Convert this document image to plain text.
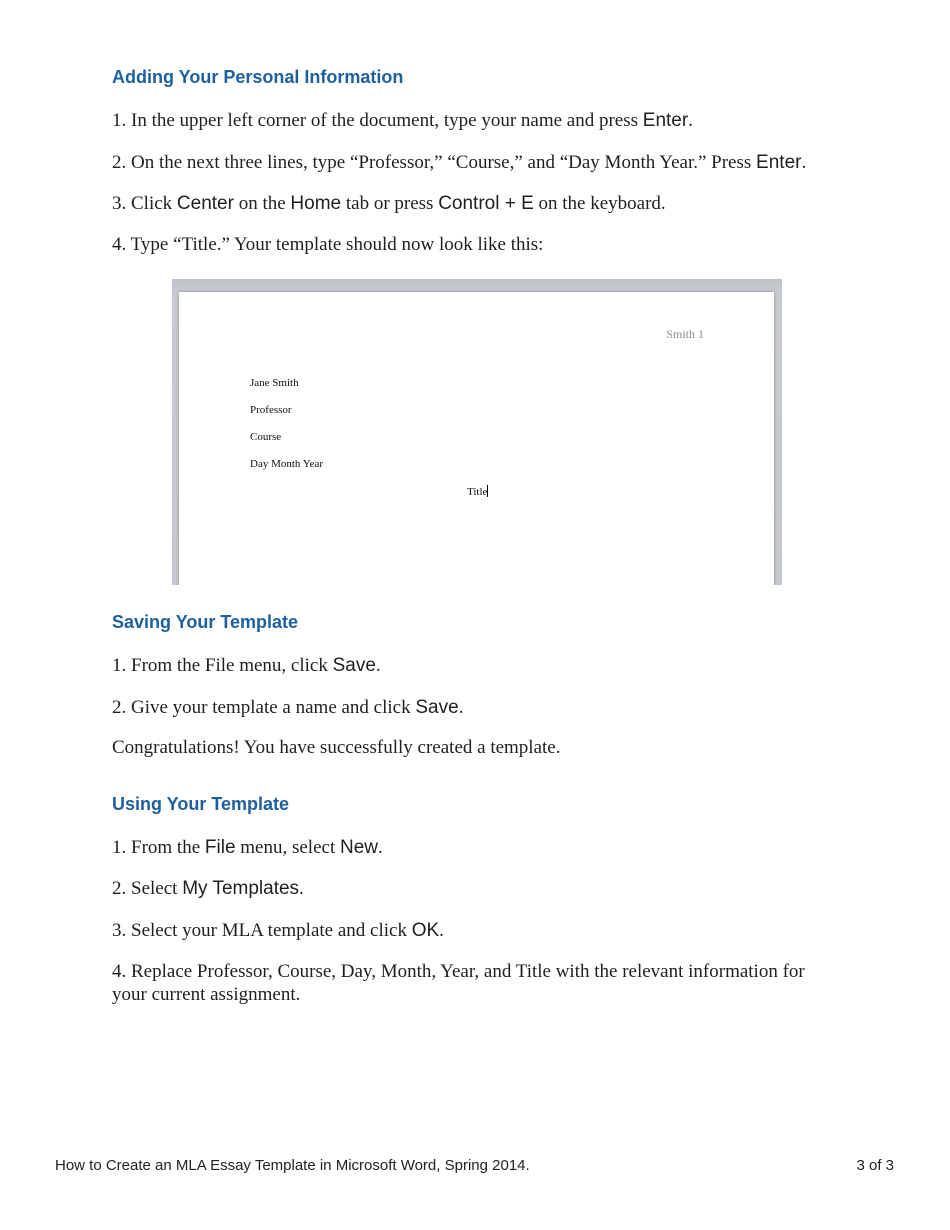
Adding Your Personal Information

1. In the upper left corner of the document, type your name and press Enter.

2. On the next three lines, type “Professor,” “Course,” and “Day Month Year.” Press Enter.

3. Click Center on the Home tab or press Control + E on the keyboard.

4. Type “Title.” Your template should now look like this:

Smith 1
Jane Smith
Professor
Course
Day Month Year
Title
Saving Your Template

1. From the File menu, click Save.

2. Give your template a name and click Save.

Congratulations! You have successfully created a template.

Using Your Template

1. From the File menu, select New.

2. Select My Templates.

3. Select your MLA template and click OK.

4. Replace Professor, Course, Day, Month, Year, and Title with the relevant information for your current assignment.

How to Create an MLA Essay Template in Microsoft Word, Spring 2014.	3 of 3
